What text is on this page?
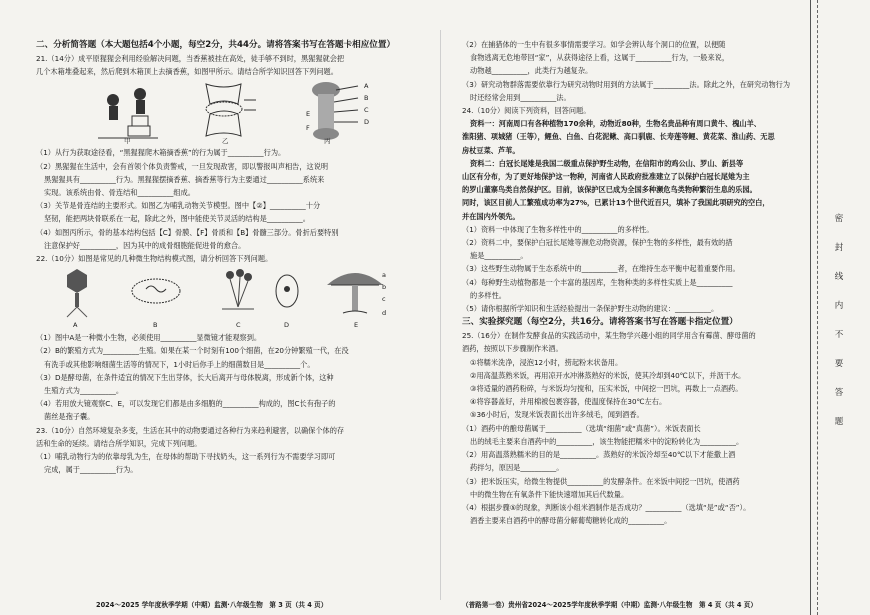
二、分析简答题（本大题包括4个小题，每空2分，共44分。请将答案书写在答题卡相应位置）
21.（14分）成平原猩猩会利用经验解决问题，当香蕉被挂在高处，徒手够不到时，黑猩猩就会把
几个木箱堆叠起来，然后爬到木箱顶上去摘香蕉，如图甲所示。请结合所学知识回答下列问题。
甲	乙
A
B
C
D
E
F
丙
（1）从行为获取途径看，“黑猩猩爬木箱摘香蕉”的行为属于__________行为。
（2）黑猩猩在生活中，会有首领个体负责警戒，一旦发现敌害，即以警报叫声相告，这说明
黑猩猩具有__________行为。黑猩猩摆摘香蕉、摘香蕉等行为主要通过__________系统来
实现。该系统由骨、骨连结和__________组成。
（3）关节是骨连结的主要形式。如图乙为哺乳动物关节模型。图中【②】__________十分
坚韧，能把两块骨联系在一起，除此之外，图中能使关节灵活的结构是__________。
（4）如图丙所示，骨的基本结构包括【C】骨膜、【F】骨质和【B】骨髓三部分。骨折后要特别
注意保护好__________，因为其中的成骨细胞能促进骨的愈合。
22.（10分）如图是常见的几种微生物结构模式图，请分析回答下列问题。
A	B	C	D
a
b
c
d
E
（1）图中A是一种微小生物，必须使用__________显微镜才能观察到。
（2）B的繁殖方式为__________生殖。如果在某一个时刻有100个细菌，在20分钟繁殖一代，在没
有洗手或其他影响细菌生活等的情况下，1小时后你手上的细菌数目是__________个。
（3）D是酵母菌，在条件适宜的情况下生出芽体，长大后离开与母体脱离，形成新个体，这种
生殖方式为__________。
（4）若用放大镜观察C、E，可以发现它们都是由多细胞的__________构成的，图C长有孢子的
菌丝是孢子囊。
23.（10分）自然环境复杂多变，生活在其中的动物要通过各种行为来趋利避害，以确保个体的存
活和生命的延续。请结合所学知识，完成下列问题。
（1）哺乳动物行为的依靠母乳为生，在母体的帮助下寻找奶头，这一系列行为不需要学习即可
完成，属于__________行为。
2024～2025 学年度秋季学期（中期）监测·八年级生物　第 3 页（共 4 页）
（2）在捕猎体的一生中有很多事情需要学习。如学会辨认每个洞口的位置，以便随
食物逃离无危地带回“家”，从获得途径上看，这属于__________行为，一般来说，
动物越__________，此类行为越复杂。
（3）研究动物群落需要依靠行为研究动物时用到的方法属于__________法。除此之外，在研究动物行为
时还经常会用到__________法。
24.（10分）阅读下列资料，回答问题。
资料一：河南周口有各种植物170余种，动物近80种，生物名贵品种有周口黄牛、槐山羊、
淮阳猪、项城猪（王等），鲤鱼、白鱼、白花泥鳅、高口驯鹿、长寿莲等鲤、黄花菜、淮山药、无思
房杖豆菜、芦苇。
资料二：白冠长尾雉是我国二级重点保护野生动物，在信阳市的鸡公山、罗山、新县等
山区有分布，为了更好地保护这一物种，河南省人民政府批准建立了以保护白冠长尾雉为主
的罗山董寨鸟类自然保护区。目前，该保护区已成为全国多种濒危鸟类物种繁衍生息的乐园。
同时，该区目前人工繁殖成功率为27%，已累计13个世代近百只，填补了我国此项研究的空白，
并在国内外领先。
（1）资料一中体现了生物多样性中的__________的多样性。
（2）资料二中，要保护白冠长尾雉等濒危动物资源，保护生物的多样性，最有效的措
施是__________。
（3）这些野生动物属于生态系统中的__________者，在维持生态平衡中起着重要作用。
（4）每种野生动植物都是一个丰富的基因库，生物种类的多样性实质上是__________
的多样性。
（5）请你根据所学知识和生活经验提出一条保护野生动物的建议：__________。
三、实验探究题（每空2分，共16分。请将答案书写在答题卡指定位置）
25.（16分）在制作发酵食品的实践活动中，某生物学兴趣小组的同学用含有霉菌、酵母菌的
酒药，按照以下步骤制作米酒。
①将糯米洗净，浸泡12小时，捞起粉末状备用。
②用高温蒸熟米饭，再用凉开水冲淋蒸熟好的米饭，使其冷却到40℃以下，并沥干水。
③将适量的酒药粉碎，与米饭均匀搅和，压实米饭，中间挖一凹坑，再数上一点酒药。
④将容器盖好，并用棉被包裹容器，使温度保持在30℃左右。
⑤36小时后，发现米饭表面长出许多绒毛，闻到酒香。
（1）酒药中的酿母菌属于__________（选填“细菌”或“真菌”）。米饭表面长
出的绒毛主要来自酒药中的__________，该生物能把糯米中的淀粉转化为__________。
（2）用高温蒸熟糯米的目的是__________。蒸熟好的米饭冷却至40℃以下才能撒上酒
药拌匀，原因是__________。
（3）把米饭压实，给微生物提供__________的发酵条件。在米饭中间挖一凹坑，使酒药
中的微生物在有氧条件下能快速增加其后代数量。
（4）根据步骤⑤的现象，判断该小组米酒制作是否成功？__________（选填“是”或“否”）。
酒香主要来自酒药中的酵母菌分解葡萄糖转化成的__________。
（普路第一卷）贵州省2024～2025学年度秋季学期（中期）监测·八年级生物　第 4 页（共 4 页）
密封线内不要答题
